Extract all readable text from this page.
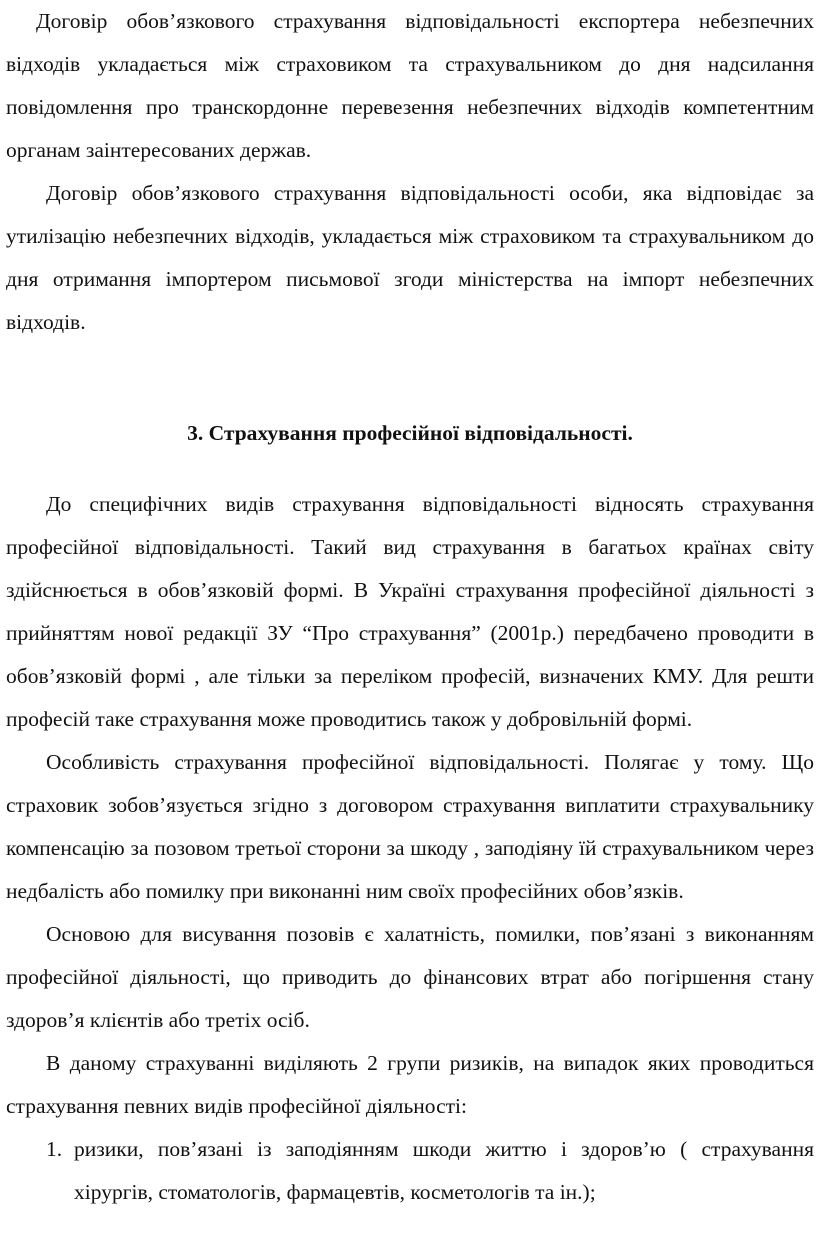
Договір обов’язкового страхування відповідальності експортера небезпечних відходів укладається між страховиком та страхувальником до дня надсилання повідомлення про транскордонне перевезення небезпечних відходів компетентним органам заінтересованих держав.

Договір обов’язкового страхування відповідальності особи, яка відповідає за утилізацію небезпечних відходів, укладається між страховиком та страхувальником до дня отримання імпортером письмової згоди міністерства на імпорт небезпечних відходів.

3. Страхування професійної відповідальності.

До специфічних видів страхування відповідальності відносять страхування професійної відповідальності. Такий вид страхування в багатьох країнах світу здійснюється в обов’язковій формі. В Україні страхування професійної діяльності з прийняттям нової редакції ЗУ “Про страхування” (2001р.) передбачено проводити в обов’язковій формі , але тільки за переліком професій, визначених КМУ. Для решти професій таке страхування може проводитись також у добровільній формі.

Особливість страхування професійної відповідальності. Полягає у тому. Що страховик зобов’язується згідно з договором страхування виплатити страхувальнику компенсацію за позовом третьої сторони за шкоду , заподіяну їй страхувальником через недбалість або помилку при виконанні ним своїх професійних обов’язків.

Основою для висування позовів є халатність, помилки, пов’язані з виконанням професійної діяльності, що приводить до фінансових втрат або погіршення стану здоров’я клієнтів або третіх осіб.

В даному страхуванні виділяють 2 групи ризиків, на випадок яких проводиться страхування певних видів професійної діяльності:

1. ризики, пов’язані із заподіянням шкоди життю і здоров’ю ( страхування хірургів, стоматологів, фармацевтів, косметологів та ін.);
